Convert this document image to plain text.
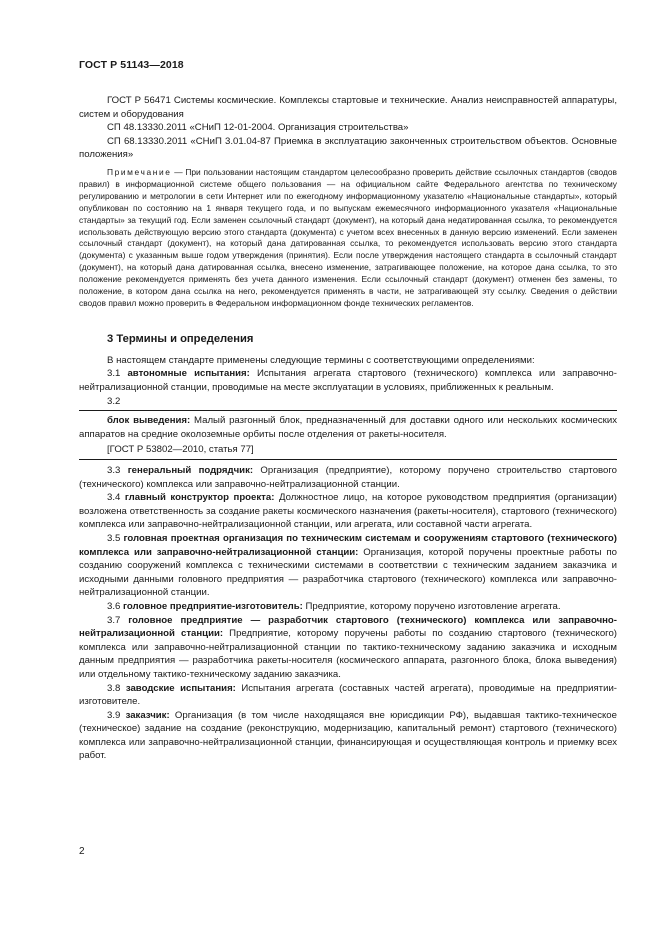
ГОСТ Р 51143—2018

ГОСТ Р 56471 Системы космические. Комплексы стартовые и технические. Анализ неисправностей аппаратуры, систем и оборудования

СП 48.13330.2011 «СНиП 12-01-2004. Организация строительства»

СП 68.13330.2011 «СНиП 3.01.04-87 Приемка в эксплуатацию законченных строительством объектов. Основные положения»

Примечание — При пользовании настоящим стандартом целесообразно проверить действие ссылочных стандартов (сводов правил) в информационной системе общего пользования — на официальном сайте Федерального агентства по техническому регулированию и метрологии в сети Интернет или по ежегодному информационному указателю «Национальные стандарты», который опубликован по состоянию на 1 января текущего года, и по выпускам ежемесячного информационного указателя «Национальные стандарты» за текущий год. Если заменен ссылочный стандарт (документ), на который дана недатированная ссылка, то рекомендуется использовать действующую версию этого стандарта (документа) с учетом всех внесенных в данную версию изменений. Если заменен ссылочный стандарт (документ), на который дана датированная ссылка, то рекомендуется использовать версию этого стандарта (документа) с указанным выше годом утверждения (принятия). Если после утверждения настоящего стандарта в ссылочный стандарт (документ), на который дана датированная ссылка, внесено изменение, затрагивающее положение, на которое дана ссылка, то это положение рекомендуется применять без учета данного изменения. Если ссылочный стандарт (документ) отменен без замены, то положение, в котором дана ссылка на него, рекомендуется применять в части, не затрагивающей эту ссылку. Сведения о действии сводов правил можно проверить в Федеральном информационном фонде технических регламентов.

3 Термины и определения

В настоящем стандарте применены следующие термины с соответствующими определениями:

3.1 автономные испытания: Испытания агрегата стартового (технического) комплекса или заправочно-нейтрализационной станции, проводимые на месте эксплуатации в условиях, приближенных к реальным.

3.2

блок выведения: Малый разгонный блок, предназначенный для доставки одного или нескольких космических аппаратов на средние околоземные орбиты после отделения от ракеты-носителя.

[ГОСТ Р 53802—2010, статья 77]

3.3 генеральный подрядчик: Организация (предприятие), которому поручено строительство стартового (технического) комплекса или заправочно-нейтрализационной станции.

3.4 главный конструктор проекта: Должностное лицо, на которое руководством предприятия (организации) возложена ответственность за создание ракеты космического назначения (ракеты-носителя), стартового (технического) комплекса или заправочно-нейтрализационной станции, или агрегата, или составной части агрегата.

3.5 головная проектная организация по техническим системам и сооружениям стартового (технического) комплекса или заправочно-нейтрализационной станции: Организация, которой поручены проектные работы по созданию сооружений комплекса с техническими системами в соответствии с техническим заданием заказчика и исходными данными головного предприятия — разработчика стартового (технического) комплекса или заправочно-нейтрализационной станции.

3.6 головное предприятие-изготовитель: Предприятие, которому поручено изготовление агрегата.

3.7 головное предприятие — разработчик стартового (технического) комплекса или заправочно-нейтрализационной станции: Предприятие, которому поручены работы по созданию стартового (технического) комплекса или заправочно-нейтрализационной станции по тактико-техническому заданию заказчика и исходным данным предприятия — разработчика ракеты-носителя (космического аппарата, разгонного блока, блока выведения) или отдельному тактико-техническому заданию заказчика.

3.8 заводские испытания: Испытания агрегата (составных частей агрегата), проводимые на предприятии-изготовителе.

3.9 заказчик: Организация (в том числе находящаяся вне юрисдикции РФ), выдавшая тактико-техническое (техническое) задание на создание (реконструкцию, модернизацию, капитальный ремонт) стартового (технического) комплекса или заправочно-нейтрализационной станции, финансирующая и осуществляющая контроль и приемку всех работ.

2
